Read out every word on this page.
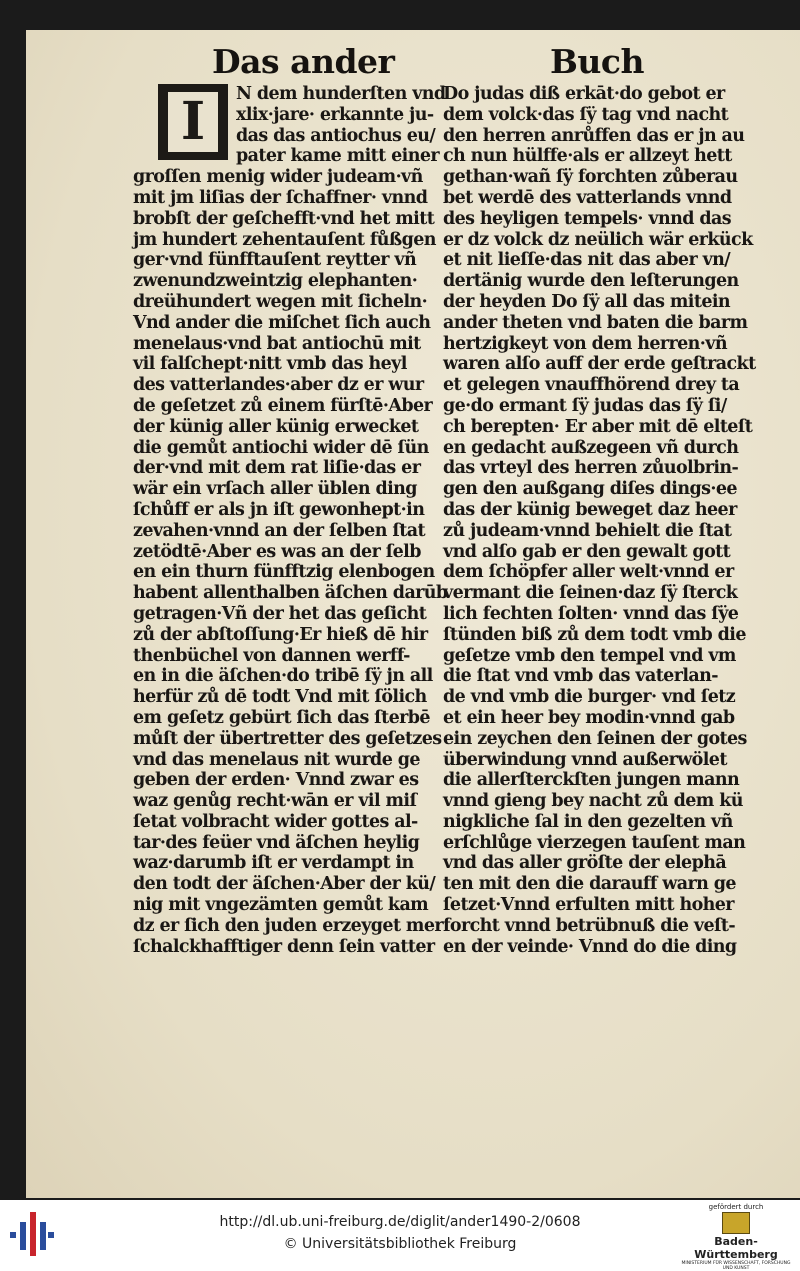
Das ander	Buch
I	N dem hunderſten vnd
xlix·jare· erkannte ju-
das das antiochus eu/
pater kame mitt einer
groſſen menig wider judeam·vñ
mit jm liſias der ſchaffner· vnnd
brobſt der geſchefft·vnd het mitt
jm hundert zehentauſent fůßgen
ger·vnd fünfftauſent reytter vñ
zwenundzweintzig elephanten·
dreühundert wegen mit ſicheln·
Vnd ander die miſchet ſich auch
menelaus·vnd bat antiochū mit
vil falſchept·nitt vmb das heyl
des vatterlandes·aber dz er wur
de geſetzet zů einem fürſtē·Aber
der künig aller künig erwecket
die gemůt antiochi wider dē ſün
der·vnd mit dem rat liſie·das er
wär ein vrſach aller üblen ding
ſchůff er als jn iſt gewonhept·in
zevahen·vnnd an der ſelben ſtat
zetödtē·Aber es was an der ſelb
en ein thurn fünfftzig elenbogen
habent allenthalben äſchen darūb
getragen·Vñ der het das geſicht
zů der abſtoſſung·Er hieß dē hir
thenbüchel von dannen werff-
en in die äſchen·do tribē ſÿ jn all
herfür zů dē todt Vnd mit ſölich
em geſetz gebürt ſich das ſterbē
můſt der übertretter des geſetzes
vnd das menelaus nit wurde ge
geben der erden· Vnnd zwar es
waz genůg recht·wān er vil miſ
ſetat volbracht wider gottes al-
tar·des feüer vnd äſchen heylig
waz·darumb iſt er verdampt in
den todt der äſchen·Aber der kü/
nig mit vngezämten gemůt kam
dz er ſich den juden erzeyget mer
ſchalckhafftiger denn ſein vatter
Do judas diß erkāt·do gebot er
dem volck·das ſÿ tag vnd nacht
den herren anrůffen das er jn au
ch nun hülffe·als er allzeyt hett
gethan·wañ ſÿ forchten zůberau
bet werdē des vatterlands vnnd
des heyligen tempels· vnnd das
er dz volck dz neülich wär erkück
et nit lieſſe·das nit das aber vn/
dertänig wurde den leſterungen
der heyden Do ſÿ all das mitein
ander theten vnd baten die barm
hertzigkeyt von dem herren·vñ
waren alſo auff der erde geſtrackt
et gelegen vnauffhörend drey ta
ge·do ermant ſÿ judas das ſÿ ſi/
ch berepten· Er aber mit dē elteſt
en gedacht außzegeen vñ durch
das vrteyl des herren zůuolbrin-
gen den außgang diſes dings·ee
das der künig beweget daz heer
zů judeam·vnnd behielt die ſtat
vnd alſo gab er den gewalt gott
dem ſchöpfer aller welt·vnnd er
vermant die ſeinen·daz ſÿ ſterck
lich fechten ſolten· vnnd das ſÿe
ſtünden biß zů dem todt vmb die
geſetze vmb den tempel vnd vm
die ſtat vnd vmb das vaterlan-
de vnd vmb die burger· vnd ſetz
et ein heer bey modin·vnnd gab
ein zeychen den ſeinen der gotes
überwindung vnnd außerwölet
die allerſterckſten jungen mann
vnnd gieng bey nacht zů dem kü
nigkliche ſal in den gezelten vñ
erſchlůge vierzegen tauſent man
vnd das aller gröſte der elephā
ten mit den die darauff warn ge
ſetzet·Vnnd erfulten mitt hoher
forcht vnnd betrübnuß die veſt-
en der veinde· Vnnd do die ding
http://dl.ub.uni-freiburg.de/diglit/ander1490-2/0608
© Universitätsbibliothek Freiburg
gefördert durch
Baden-Württemberg
MINISTERIUM FÜR WISSENSCHAFT, FORSCHUNG UND KUNST
